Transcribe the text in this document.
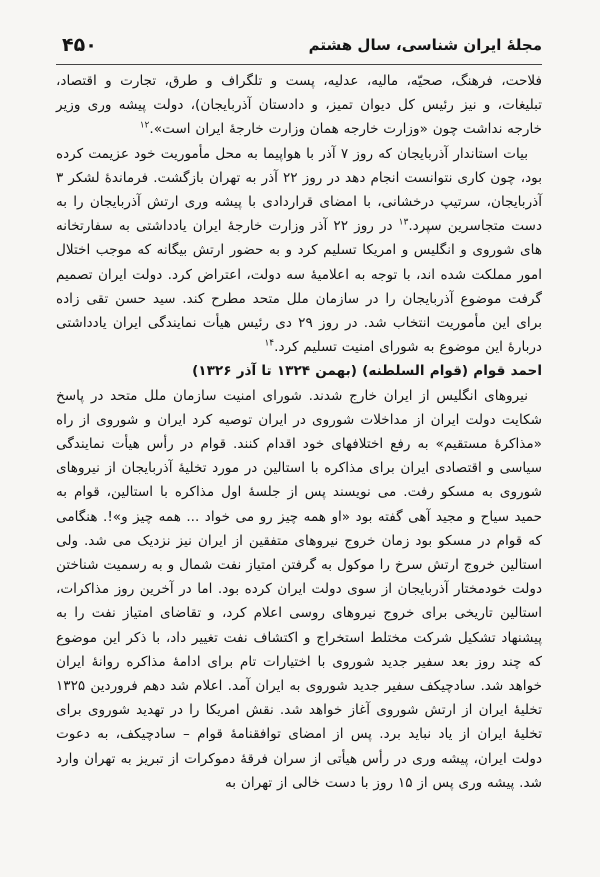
مجلهٔ ایران شناسی، سال هشتم
۴۵۰

فلاحت، فرهنگ، صحیّه، مالیه، عدلیه، پست و تلگراف و طرق، تجارت و اقتصاد، تبلیغات، و نیز رئیس کل دیوان تمیز، و دادستان آذربایجان)، دولت پیشه وری وزیر خارجه نداشت چون «وزارت خارجه همان وزارت خارجهٔ ایران است».$^{۱۲}$

بیات استاندار آذربایجان که روز ۷ آذر با هواپیما به محل مأموریت خود عزیمت کرده بود، چون کاری نتوانست انجام دهد در روز ۲۲ آذر به تهران بازگشت. فرماندهٔ لشکر ۳ آذربایجان، سرتیپ درخشانی، با امضای قراردادی با پیشه وری ارتش آذربایجان را به دست متجاسرین سپرد.$^{۱۳}$ در روز ۲۲ آذر وزارت خارجهٔ ایران یادداشتی به سفارتخانه های شوروی و انگلیس و امریکا تسلیم کرد و به حضور ارتش بیگانه که موجب اختلال امور مملکت شده اند، با توجه به اعلامیهٔ سه دولت، اعتراض کرد. دولت ایران تصمیم گرفت موضوع آذربایجان را در سازمان ملل متحد مطرح کند. سید حسن تقی زاده برای این مأموریت انتخاب شد. در روز ۲۹ دی رئیس هیأت نمایندگی ایران یادداشتی دربارهٔ این موضوع به شورای امنیت تسلیم کرد.$^{۱۴}$

احمد قوام (قوام السلطنه) (بهمن ۱۳۲۴ تا آذر ۱۳۲۶)

نیروهای انگلیس از ایران خارج شدند. شورای امنیت سازمان ملل متحد در پاسخ شکایت دولت ایران از مداخلات شوروی در ایران توصیه کرد ایران و شوروی از راه «مذاکرهٔ مستقیم» به رفع اختلافهای خود اقدام کنند. قوام در رأس هیأت نمایندگی سیاسی و اقتصادی ایران برای مذاکره با استالین در مورد تخلیهٔ آذربایجان از نیروهای شوروی به مسکو رفت. می نویسند پس از جلسهٔ اول مذاکره با استالین، قوام به حمید سیاح و مجید آهی گفته بود «او همه چیز رو می خواد ... همه چیز و»!. هنگامی که قوام در مسکو بود زمان خروج نیروهای متفقین از ایران نیز نزدیک می شد. ولی استالین خروج ارتش سرخ را موکول به گرفتن امتیاز نفت شمال و به رسمیت شناختن دولت خودمختار آذربایجان از سوی دولت ایران کرده بود. اما در آخرین روز مذاکرات، استالین تاریخی برای خروج نیروهای روسی اعلام کرد، و تقاضای امتیاز نفت را به پیشنهاد تشکیل شرکت مختلط استخراج و اکتشاف نفت تغییر داد، با ذکر این موضوع که چند روز بعد سفیر جدید شوروی با اختیارات تام برای ادامهٔ مذاکره روانهٔ ایران خواهد شد. سادچیکف سفیر جدید شوروی به ایران آمد. اعلام شد دهم فروردین ۱۳۲۵ تخلیهٔ ایران از ارتش شوروی آغاز خواهد شد. نقش امریکا را در تهدید شوروی برای تخلیهٔ ایران از یاد نباید برد. پس از امضای توافقنامهٔ قوام – سادچیکف، به دعوت دولت ایران، پیشه وری در رأس هیأتی از سران فرقهٔ دموکرات از تبریز به تهران وارد شد. پیشه وری پس از ۱۵ روز با دست خالی از تهران به
